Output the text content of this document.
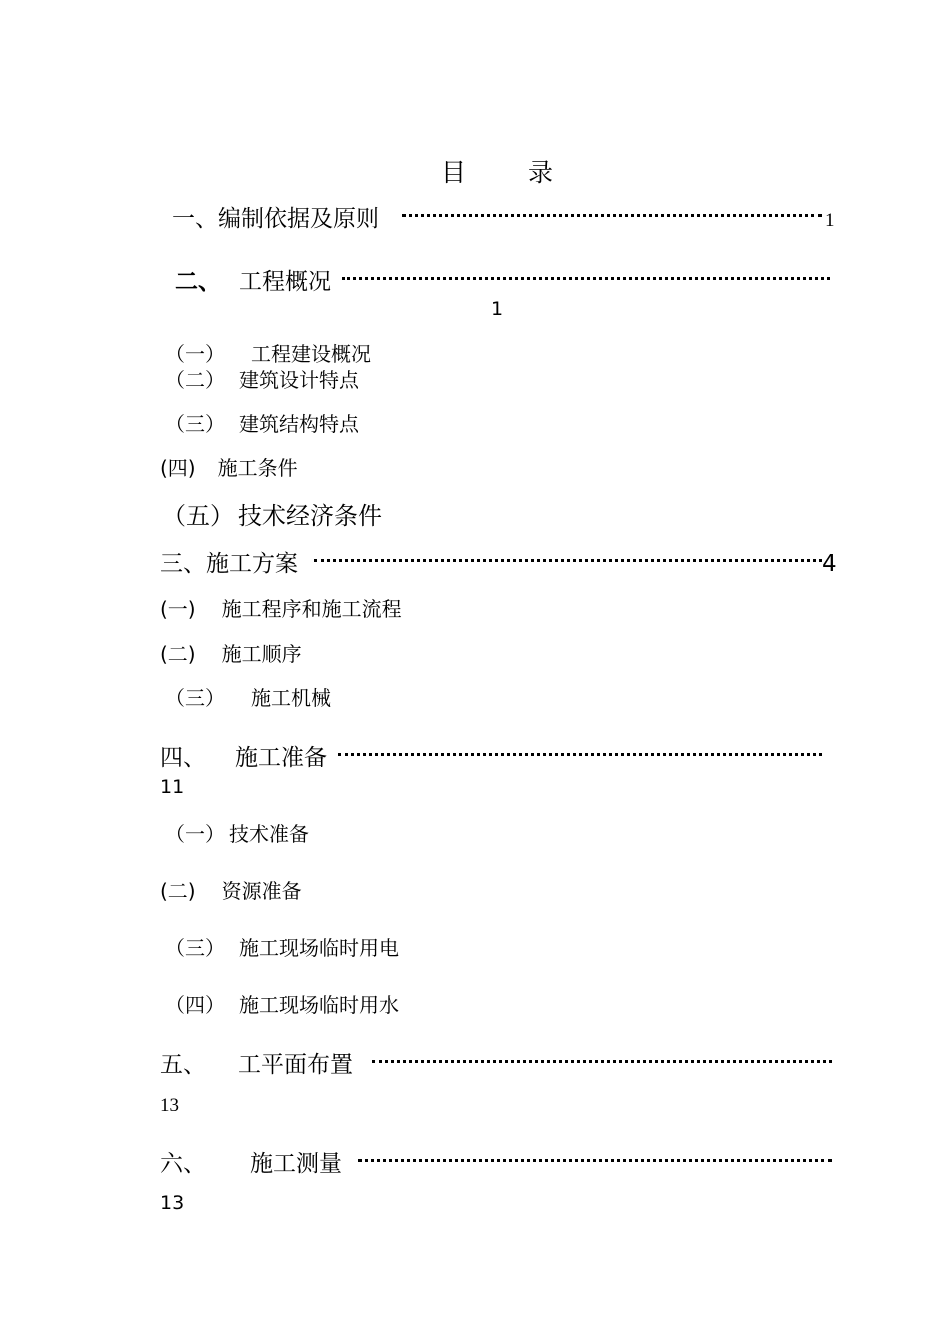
目 录
一、编制依据及原则	1
二、 工程概况
1
（一） 工程建设概况
（二） 建筑设计特点
（三） 建筑结构特点
(四) 施工条件
（五） 技术经济条件
三、施工方案	4
(一) 施工程序和施工流程
(二) 施工顺序
（三） 施工机械
四、 施工准备
11
（一） 技术准备
(二) 资源准备
（三） 施工现场临时用电
（四） 施工现场临时用水
五、 工平面布置
13
六、 施工测量
13
